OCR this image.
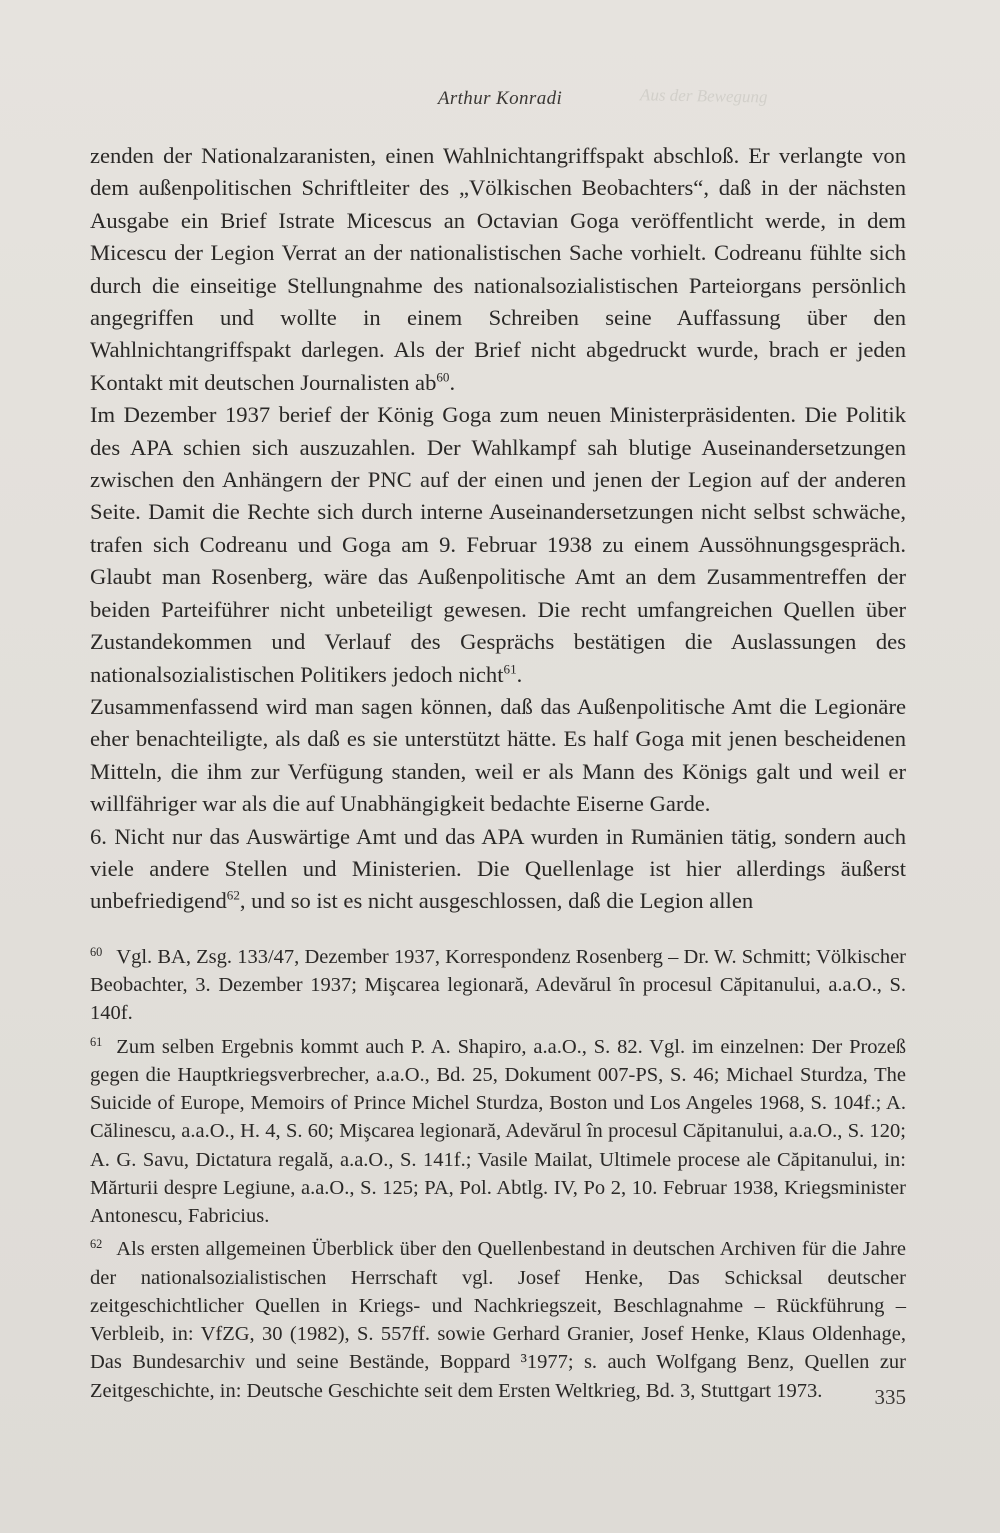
Aus der Bewegung
Arthur Konradi

zenden der Nationalzaranisten, einen Wahlnichtangriffspakt abschloß. Er verlangte von dem außenpolitischen Schriftleiter des „Völkischen Beobachters“, daß in der nächsten Ausgabe ein Brief Istrate Micescus an Octavian Goga veröffentlicht werde, in dem Micescu der Legion Verrat an der nationalistischen Sache vorhielt. Codreanu fühlte sich durch die einseitige Stellungnahme des nationalsozialistischen Parteiorgans persönlich angegriffen und wollte in einem Schreiben seine Auffassung über den Wahlnichtangriffspakt darlegen. Als der Brief nicht abgedruckt wurde, brach er jeden Kontakt mit deutschen Journalisten $ab^{60}$.

Im Dezember 1937 berief der König Goga zum neuen Ministerpräsidenten. Die Politik des APA schien sich auszuzahlen. Der Wahlkampf sah blutige Auseinandersetzungen zwischen den Anhängern der PNC auf der einen und jenen der Legion auf der anderen Seite. Damit die Rechte sich durch interne Auseinandersetzungen nicht selbst schwäche, trafen sich Codreanu und Goga am 9. Februar 1938 zu einem Aussöhnungsgespräch. Glaubt man Rosenberg, wäre das Außenpolitische Amt an dem Zusammentreffen der beiden Parteiführer nicht unbeteiligt gewesen. Die recht umfangreichen Quellen über Zustandekommen und Verlauf des Gesprächs bestätigen die Auslassungen des nationalsozialistischen Politikers jedoch nicht$^{61}$.

Zusammenfassend wird man sagen können, daß das Außenpolitische Amt die Legionäre eher benachteiligte, als daß es sie unterstützt hätte. Es half Goga mit jenen bescheidenen Mitteln, die ihm zur Verfügung standen, weil er als Mann des Königs galt und weil er willfähriger war als die auf Unabhängigkeit bedachte Eiserne Garde.

6. Nicht nur das Auswärtige Amt und das APA wurden in Rumänien tätig, sondern auch viele andere Stellen und Ministerien. Die Quellenlage ist hier allerdings äußerst unbefriedigend$^{62}$, und so ist es nicht ausgeschlossen, daß die Legion allen

$^{60}$ Vgl. BA, Zsg. 133/47, Dezember 1937, Korrespondenz Rosenberg – Dr. W. Schmitt; Völkischer Beobachter, 3. Dezember 1937; Mişcarea legionară, Adevărul în procesul Căpitanului, a.a.O., S. 140f.

$^{61}$ Zum selben Ergebnis kommt auch P. A. Shapiro, a.a.O., S. 82. Vgl. im einzelnen: Der Prozeß gegen die Hauptkriegsverbrecher, a.a.O., Bd. 25, Dokument 007-PS, S. 46; Michael Sturdza, The Suicide of Europe, Memoirs of Prince Michel Sturdza, Boston und Los Angeles 1968, S. 104f.; A. Călinescu, a.a.O., H. 4, S. 60; Mişcarea legionară, Adevărul în procesul Căpitanului, a.a.O., S. 120; A. G. Savu, Dictatura regală, a.a.O., S. 141f.; Vasile Mailat, Ultimele procese ale Căpitanului, in: Mărturii despre Legiune, a.a.O., S. 125; PA, Pol. Abtlg. IV, Po 2, 10. Februar 1938, Kriegsminister Antonescu, Fabricius.

$^{62}$ Als ersten allgemeinen Überblick über den Quellenbestand in deutschen Archiven für die Jahre der nationalsozialistischen Herrschaft vgl. Josef Henke, Das Schicksal deutscher zeitgeschichtlicher Quellen in Kriegs- und Nachkriegszeit, Beschlagnahme – Rückführung – Verbleib, in: VfZG, 30 (1982), S. 557ff. sowie Gerhard Granier, Josef Henke, Klaus Oldenhage, Das Bundesarchiv und seine Bestände, Boppard ³1977; s. auch Wolfgang Benz, Quellen zur Zeitgeschichte, in: Deutsche Geschichte seit dem Ersten Weltkrieg, Bd. 3, Stuttgart 1973.	335
